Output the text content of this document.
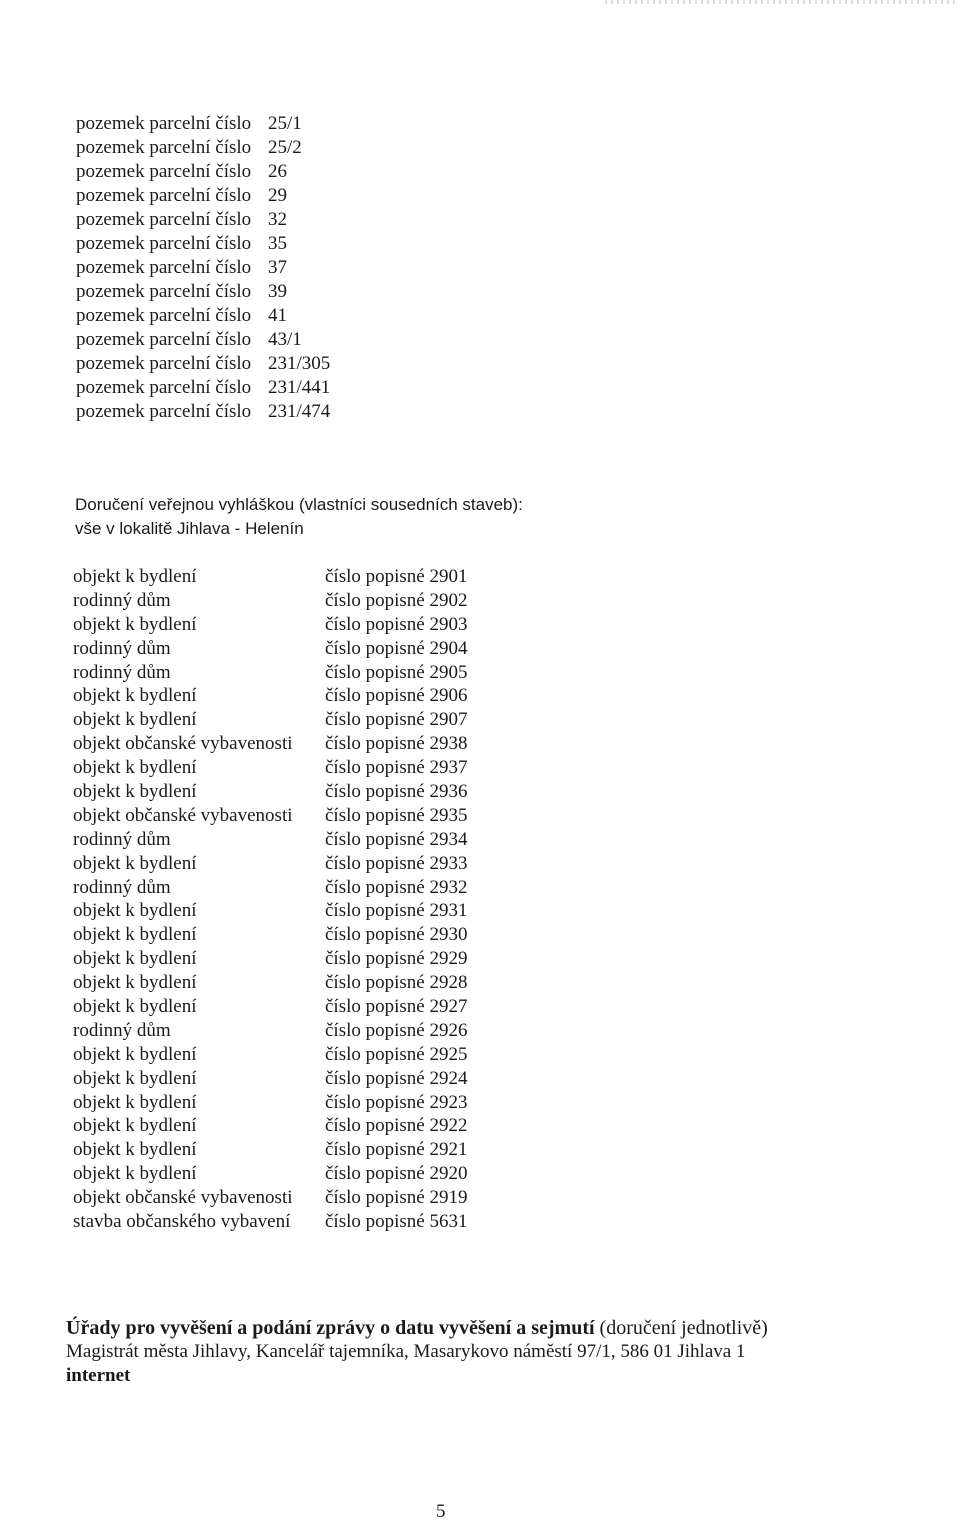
pozemek parcelní číslo 25/1
pozemek parcelní číslo 25/2
pozemek parcelní číslo 26
pozemek parcelní číslo 29
pozemek parcelní číslo 32
pozemek parcelní číslo 35
pozemek parcelní číslo 37
pozemek parcelní číslo 39
pozemek parcelní číslo 41
pozemek parcelní číslo 43/1
pozemek parcelní číslo 231/305
pozemek parcelní číslo 231/441
pozemek parcelní číslo 231/474
Doručení veřejnou vyhláškou (vlastníci sousedních staveb):
vše v lokalitě Jihlava - Helenín
objekt k bydlení	číslo popisné 2901
rodinný dům	číslo popisné 2902
objekt k bydlení	číslo popisné 2903
rodinný dům	číslo popisné 2904
rodinný dům	číslo popisné 2905
objekt k bydlení	číslo popisné 2906
objekt k bydlení	číslo popisné 2907
objekt občanské vybavenosti	číslo popisné 2938
objekt k bydlení	číslo popisné 2937
objekt k bydlení	číslo popisné 2936
objekt občanské vybavenosti	číslo popisné 2935
rodinný dům	číslo popisné 2934
objekt k bydlení	číslo popisné 2933
rodinný dům	číslo popisné 2932
objekt k bydlení	číslo popisné 2931
objekt k bydlení	číslo popisné 2930
objekt k bydlení	číslo popisné 2929
objekt k bydlení	číslo popisné 2928
objekt k bydlení	číslo popisné 2927
rodinný dům	číslo popisné 2926
objekt k bydlení	číslo popisné 2925
objekt k bydlení	číslo popisné 2924
objekt k bydlení	číslo popisné 2923
objekt k bydlení	číslo popisné 2922
objekt k bydlení	číslo popisné 2921
objekt k bydlení	číslo popisné 2920
objekt občanské vybavenosti	číslo popisné 2919
stavba občanského vybavení	číslo popisné 5631
Úřady pro vyvěšení a podání zprávy o datu vyvěšení a sejmutí (doručení jednotlivě)
Magistrát města Jihlavy, Kancelář tajemníka, Masarykovo náměstí 97/1, 586 01 Jihlava 1
internet
5
